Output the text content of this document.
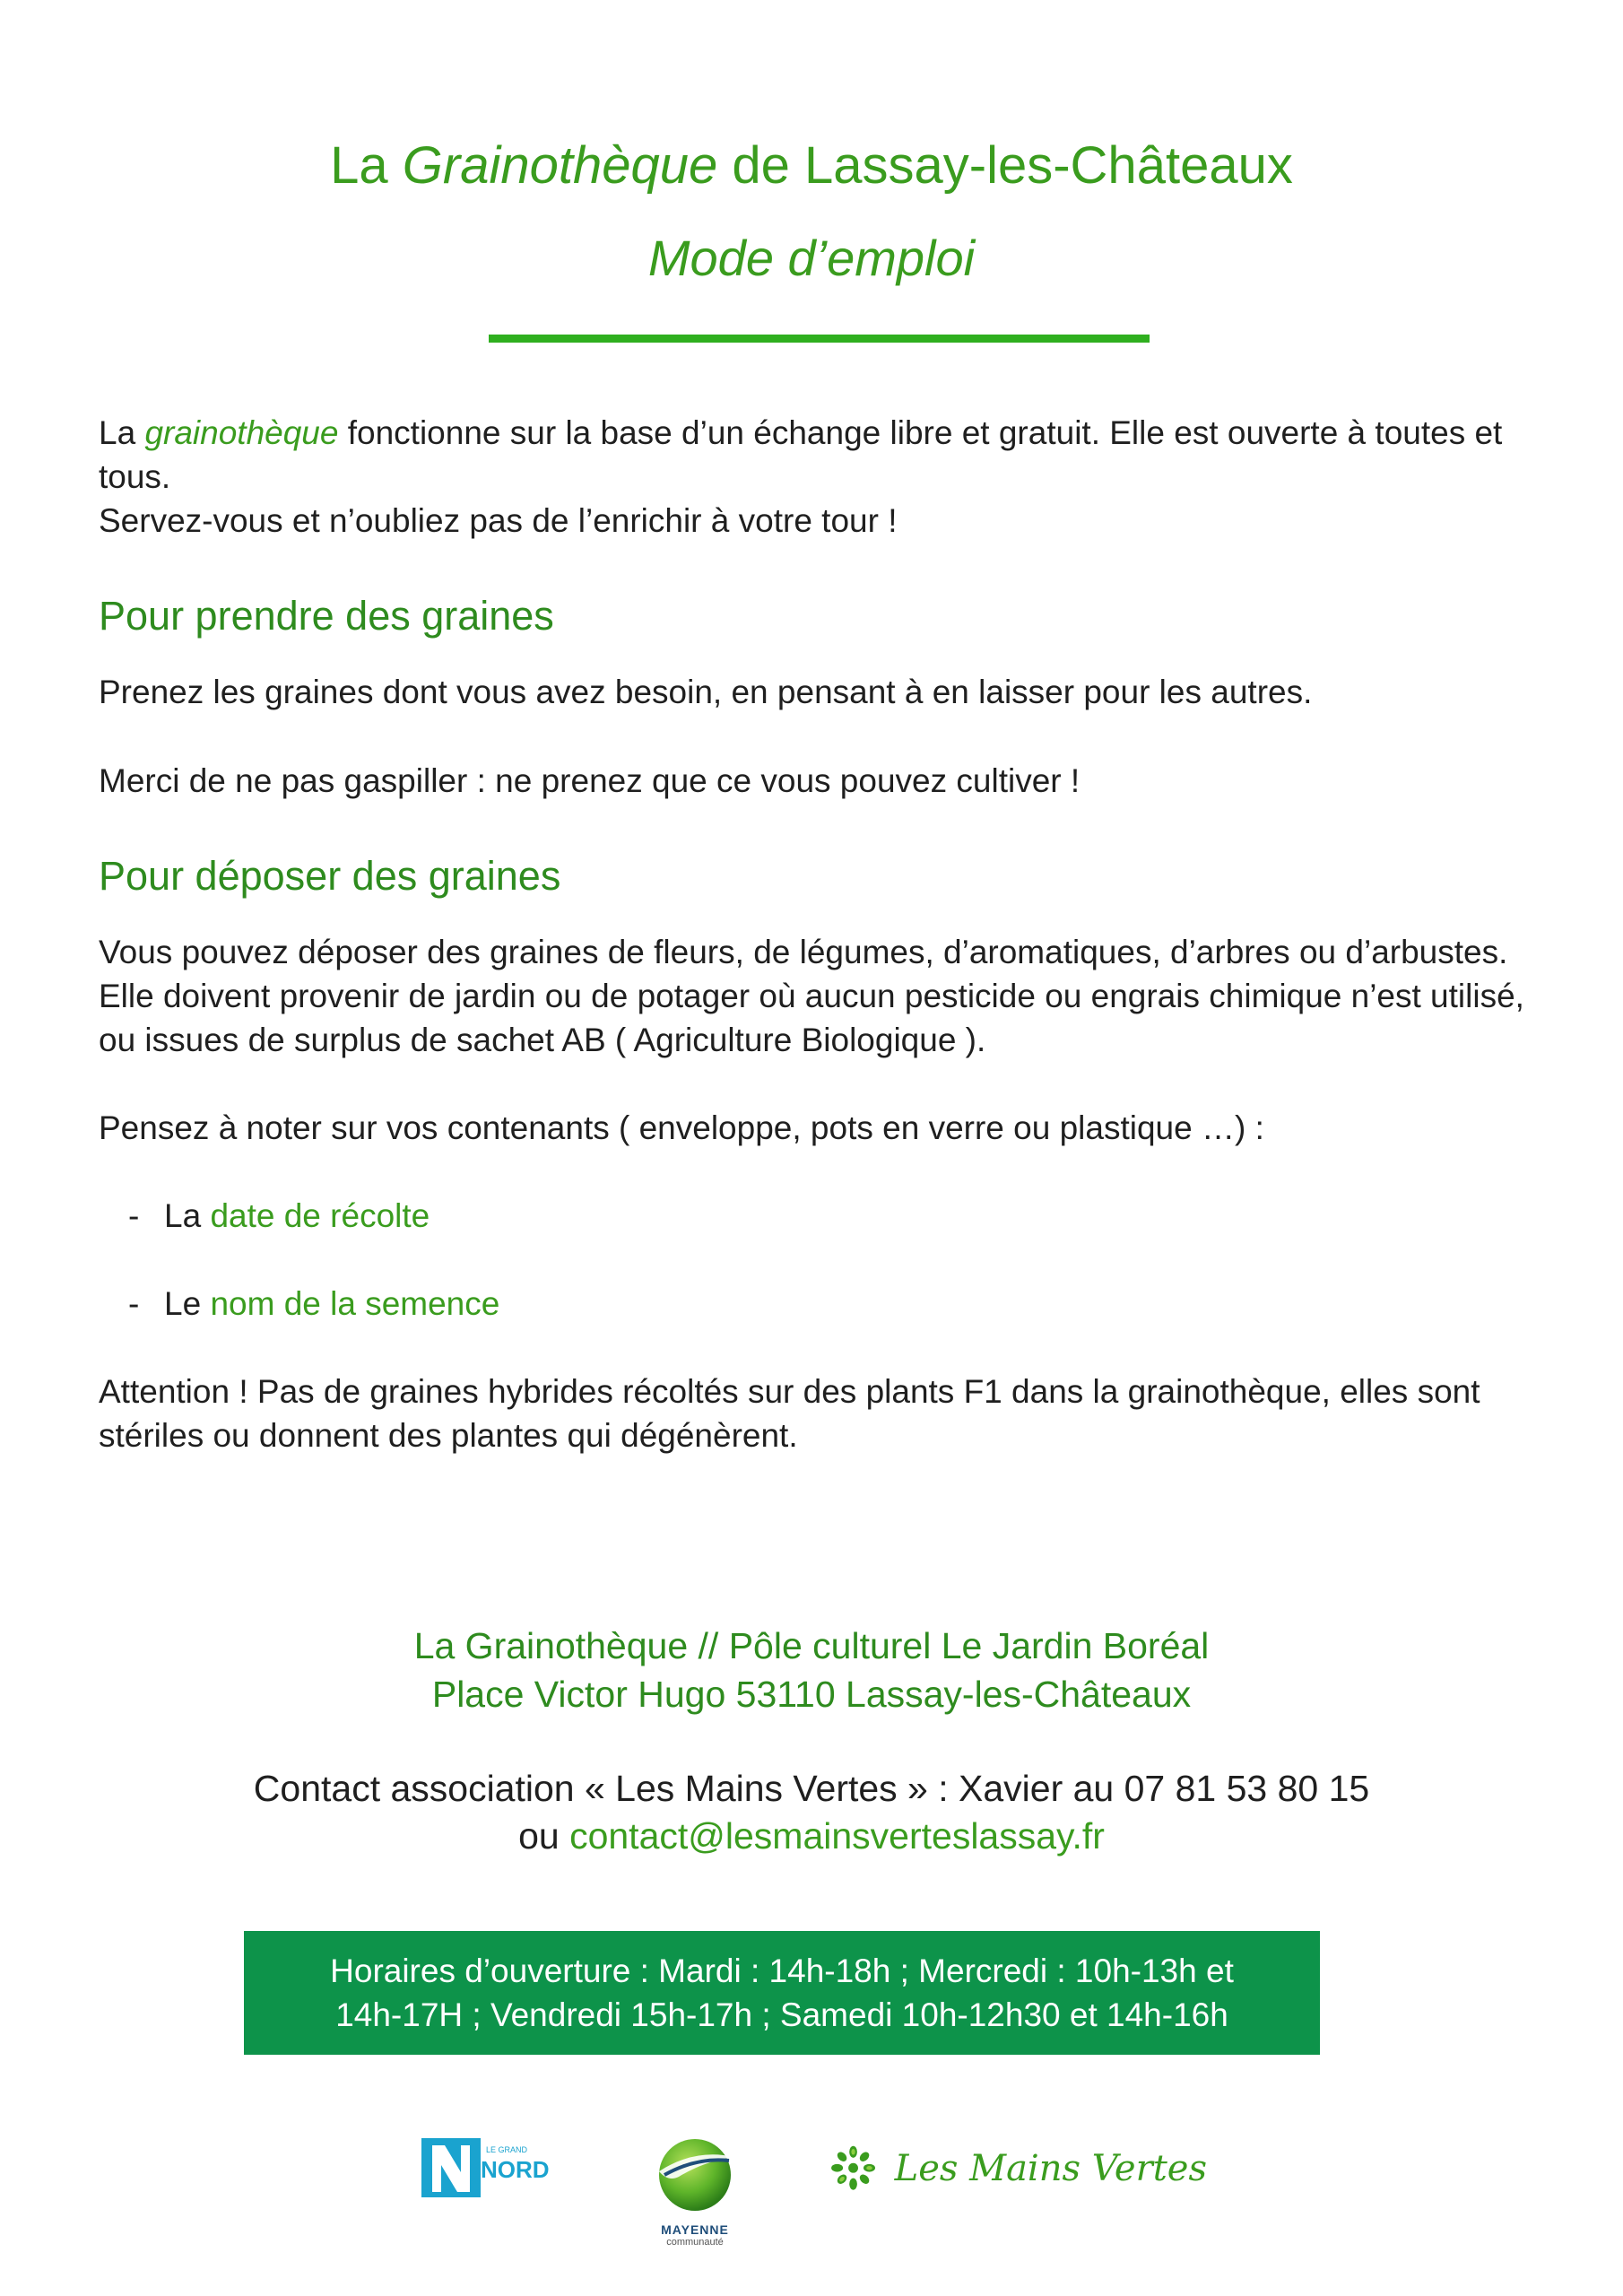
La Grainothèque de Lassay-les-Châteaux
Mode d’emploi

La grainothèque fonctionne sur la base d’un échange libre et gratuit. Elle est ouverte à toutes et tous.

Servez-vous et n’oubliez pas de l’enrichir à votre tour !

Pour prendre des graines

Prenez les graines dont vous avez besoin, en pensant à en laisser pour les autres.

Merci de ne pas gaspiller : ne prenez que ce vous pouvez cultiver !

Pour déposer des graines

Vous pouvez déposer des graines de fleurs, de légumes, d’aromatiques, d’arbres ou d’arbustes. Elle doivent provenir de jardin ou de potager où aucun pesticide ou engrais chimique n’est utilisé, ou issues de surplus de sachet AB ( Agriculture Biologique ).

Pensez à noter sur vos contenants ( enveloppe, pots en verre ou plastique …) :

- La date de récolte
- Le nom de la semence

Attention ! Pas de graines hybrides récoltés sur des plants F1 dans la grainothèque, elles sont stériles ou donnent des plantes qui dégénèrent.

La Grainothèque // Pôle culturel Le Jardin Boréal
Place Victor Hugo 53110 Lassay-les-Châteaux
Contact association « Les Mains Vertes » : Xavier au 07 81 53 80 15
ou contact@lesmainsverteslassay.fr
Horaires d’ouverture : Mardi : 14h-18h ; Mercredi : 10h-13h et
14h-17H ; Vendredi 15h-17h ; Samedi 10h-12h30 et 14h-16h
LE GRAND
NORD
MAYENNE
communauté
Les Mains Vertes
